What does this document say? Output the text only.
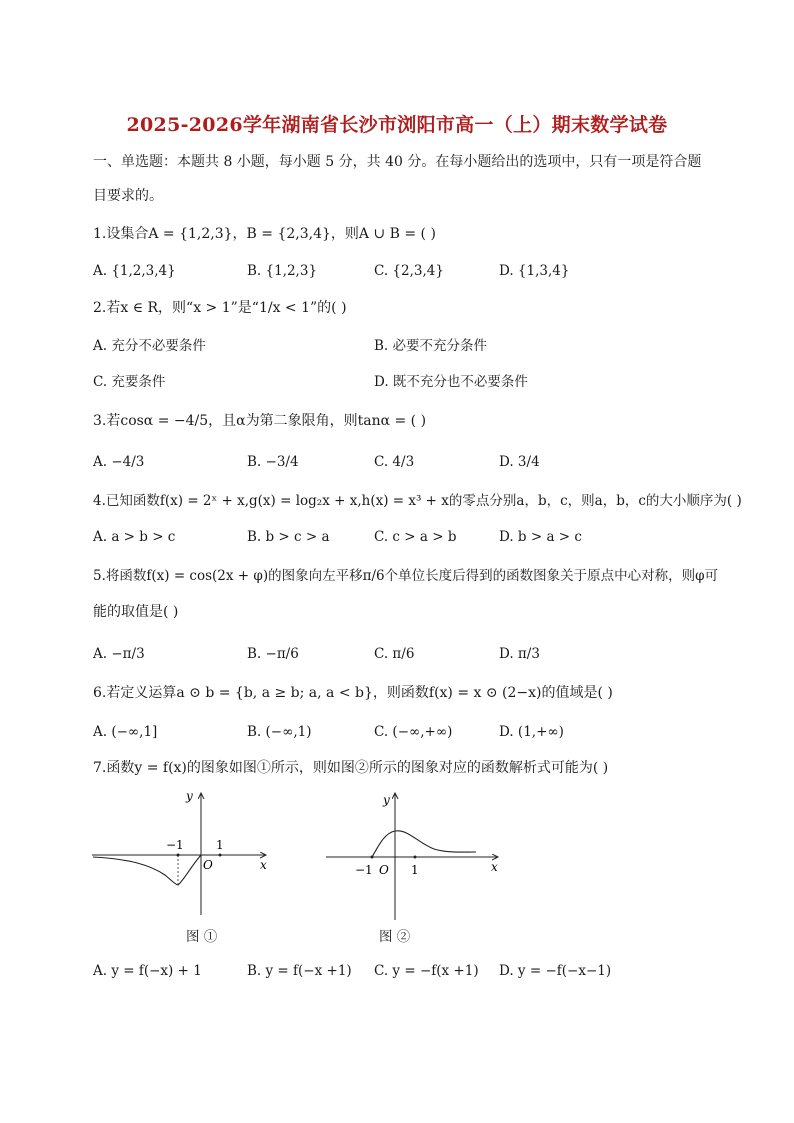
2025-2026学年湖南省长沙市浏阳市高一（上）期末数学试卷
一、单选题：本题共 8 小题，每小题 5 分，共 40 分。在每小题给出的选项中，只有一项是符合题
目要求的。
1.设集合A = {1,2,3}，B = {2,3,4}，则A ∪ B = ( )
A. {1,2,3,4}	B. {1,2,3}	C. {2,3,4}	D. {1,3,4}
2.若x ∈ R，则“x > 1”是“1/x < 1”的( )
A. 充分不必要条件	B. 必要不充分条件
C. 充要条件	D. 既不充分也不必要条件
3.若cosα = −4/5，且α为第二象限角，则tanα = ( )
A. −4/3	B. −3/4	C. 4/3	D. 3/4
4.已知函数f(x) = 2ˣ + x,g(x) = log₂x + x,h(x) = x³ + x的零点分别a，b，c，则a，b，c的大小顺序为( )
A. a > b > c	B. b > c > a	C. c > a > b	D. b > a > c
5.将函数f(x) = cos(2x + φ)的图象向左平移π/6个单位长度后得到的函数图象关于原点中心对称，则φ可
能的取值是( )
A. −π/3	B. −π/6	C. π/6	D. π/3
6.若定义运算a ⊙ b = {b, a ≥ b; a, a < b}，则函数f(x) = x ⊙ (2−x)的值域是( )
A. (−∞,1]	B. (−∞,1)	C. (−∞,+∞)	D. (1,+∞)
7.函数y = f(x)的图象如图①所示，则如图②所示的图象对应的函数解析式可能为( )
y
x
O
−1	1
图 ①
y
x
−1 O 1
图 ②
A. y = f(−x) + 1	B. y = f(−x +1) C. y = −f(x +1) D. y = −f(−x−1)
